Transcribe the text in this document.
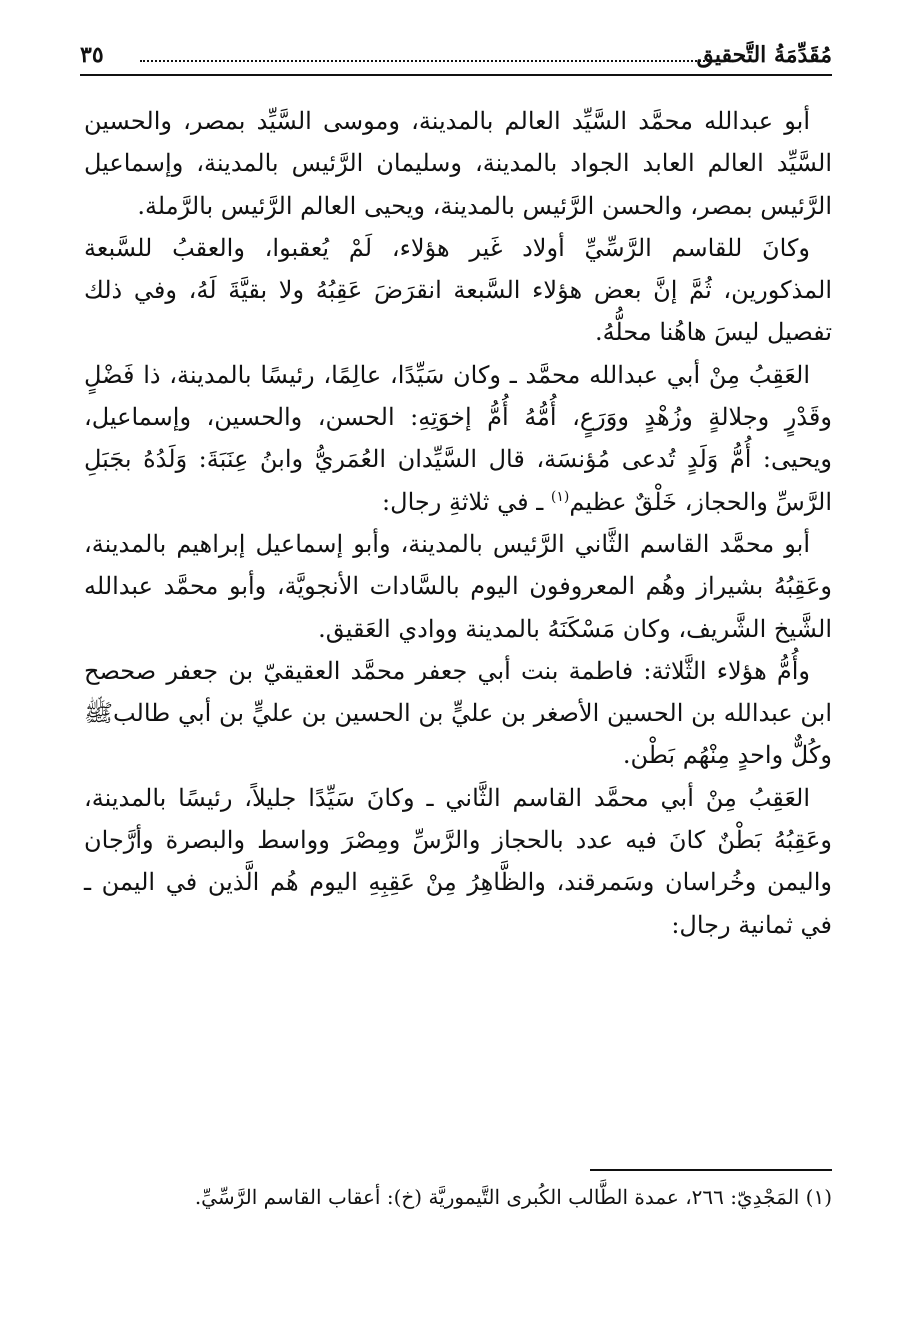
مُقَدِّمَةُ التَّحقيق
٣٥

أبو عبدالله محمَّد السَّيِّد العالم بالمدينة، وموسى السَّيِّد بمصر، والحسين السَّيِّد العالم العابد الجواد بالمدينة، وسليمان الرَّئيس بالمدينة، وإسماعيل الرَّئيس بمصر، والحسن الرَّئيس بالمدينة، ويحيى العالم الرَّئيس بالرَّملة.

وكانَ للقاسم الرَّسِّيِّ أولاد غَير هؤلاء، لَمْ يُعقبوا، والعقبُ للسَّبعة المذكورين، ثُمَّ إنَّ بعض هؤلاء السَّبعة انقرَضَ عَقِبُهُ ولا بقيَّةَ لَهُ، وفي ذلك تفصيل ليسَ هاهُنا محلُّهُ.

العَقِبُ مِنْ أبي عبدالله محمَّد ـ وكان سَيِّدًا، عالِمًا، رئيسًا بالمدينة، ذا فَضْلٍ وقَدْرٍ وجلالةٍ وزُهْدٍ ووَرَعٍ، أُمُّهُ أُمُّ إخوَتِهِ: الحسن، والحسين، وإسماعيل، ويحيى: أُمُّ وَلَدٍ تُدعى مُؤنسَة، قال السَّيِّدان العُمَريُّ وابنُ عِنَبَةَ: وَلَدُهُ بجَبَلِ الرَّسِّ والحجاز، خَلْقٌ عظيم$^{(١)}$ ـ في ثلاثةِ رجال:

أبو محمَّد القاسم الثَّاني الرَّئيس بالمدينة، وأبو إسماعيل إبراهيم بالمدينة، وعَقِبُهُ بشيراز وهُم المعروفون اليوم بالسَّادات الأنجويَّة، وأبو محمَّد عبدالله الشَّيخ الشَّريف، وكان مَسْكَنَهُ بالمدينة ووادي العَقيق.

وأُمُّ هؤلاء الثَّلاثة: فاطمة بنت أبي جعفر محمَّد العقيقيّ بن جعفر صحصح ابن عبدالله بن الحسين الأصغر بن عليٍّ بن الحسين بن عليٍّ بن أبي طالبﷺ وكُلٌّ واحدٍ مِنْهُم بَطْن.

العَقِبُ مِنْ أبي محمَّد القاسم الثَّاني ـ وكانَ سَيِّدًا جليلاً، رئيسًا بالمدينة، وعَقِبُهُ بَطْنٌ كانَ فيه عدد بالحجاز والرَّسِّ ومِصْرَ وواسط والبصرة وأرَّجان واليمن وخُراسان وسَمرقند، والظَّاهِرُ مِنْ عَقِبِهِ اليوم هُم الَّذين في اليمن ـ في ثمانية رجال:

(١) المَجْدِيّ: ٢٦٦، عمدة الطَّالب الكُبرى التَّيموريَّة (خ): أعقاب القاسم الرَّسِّيِّ.
